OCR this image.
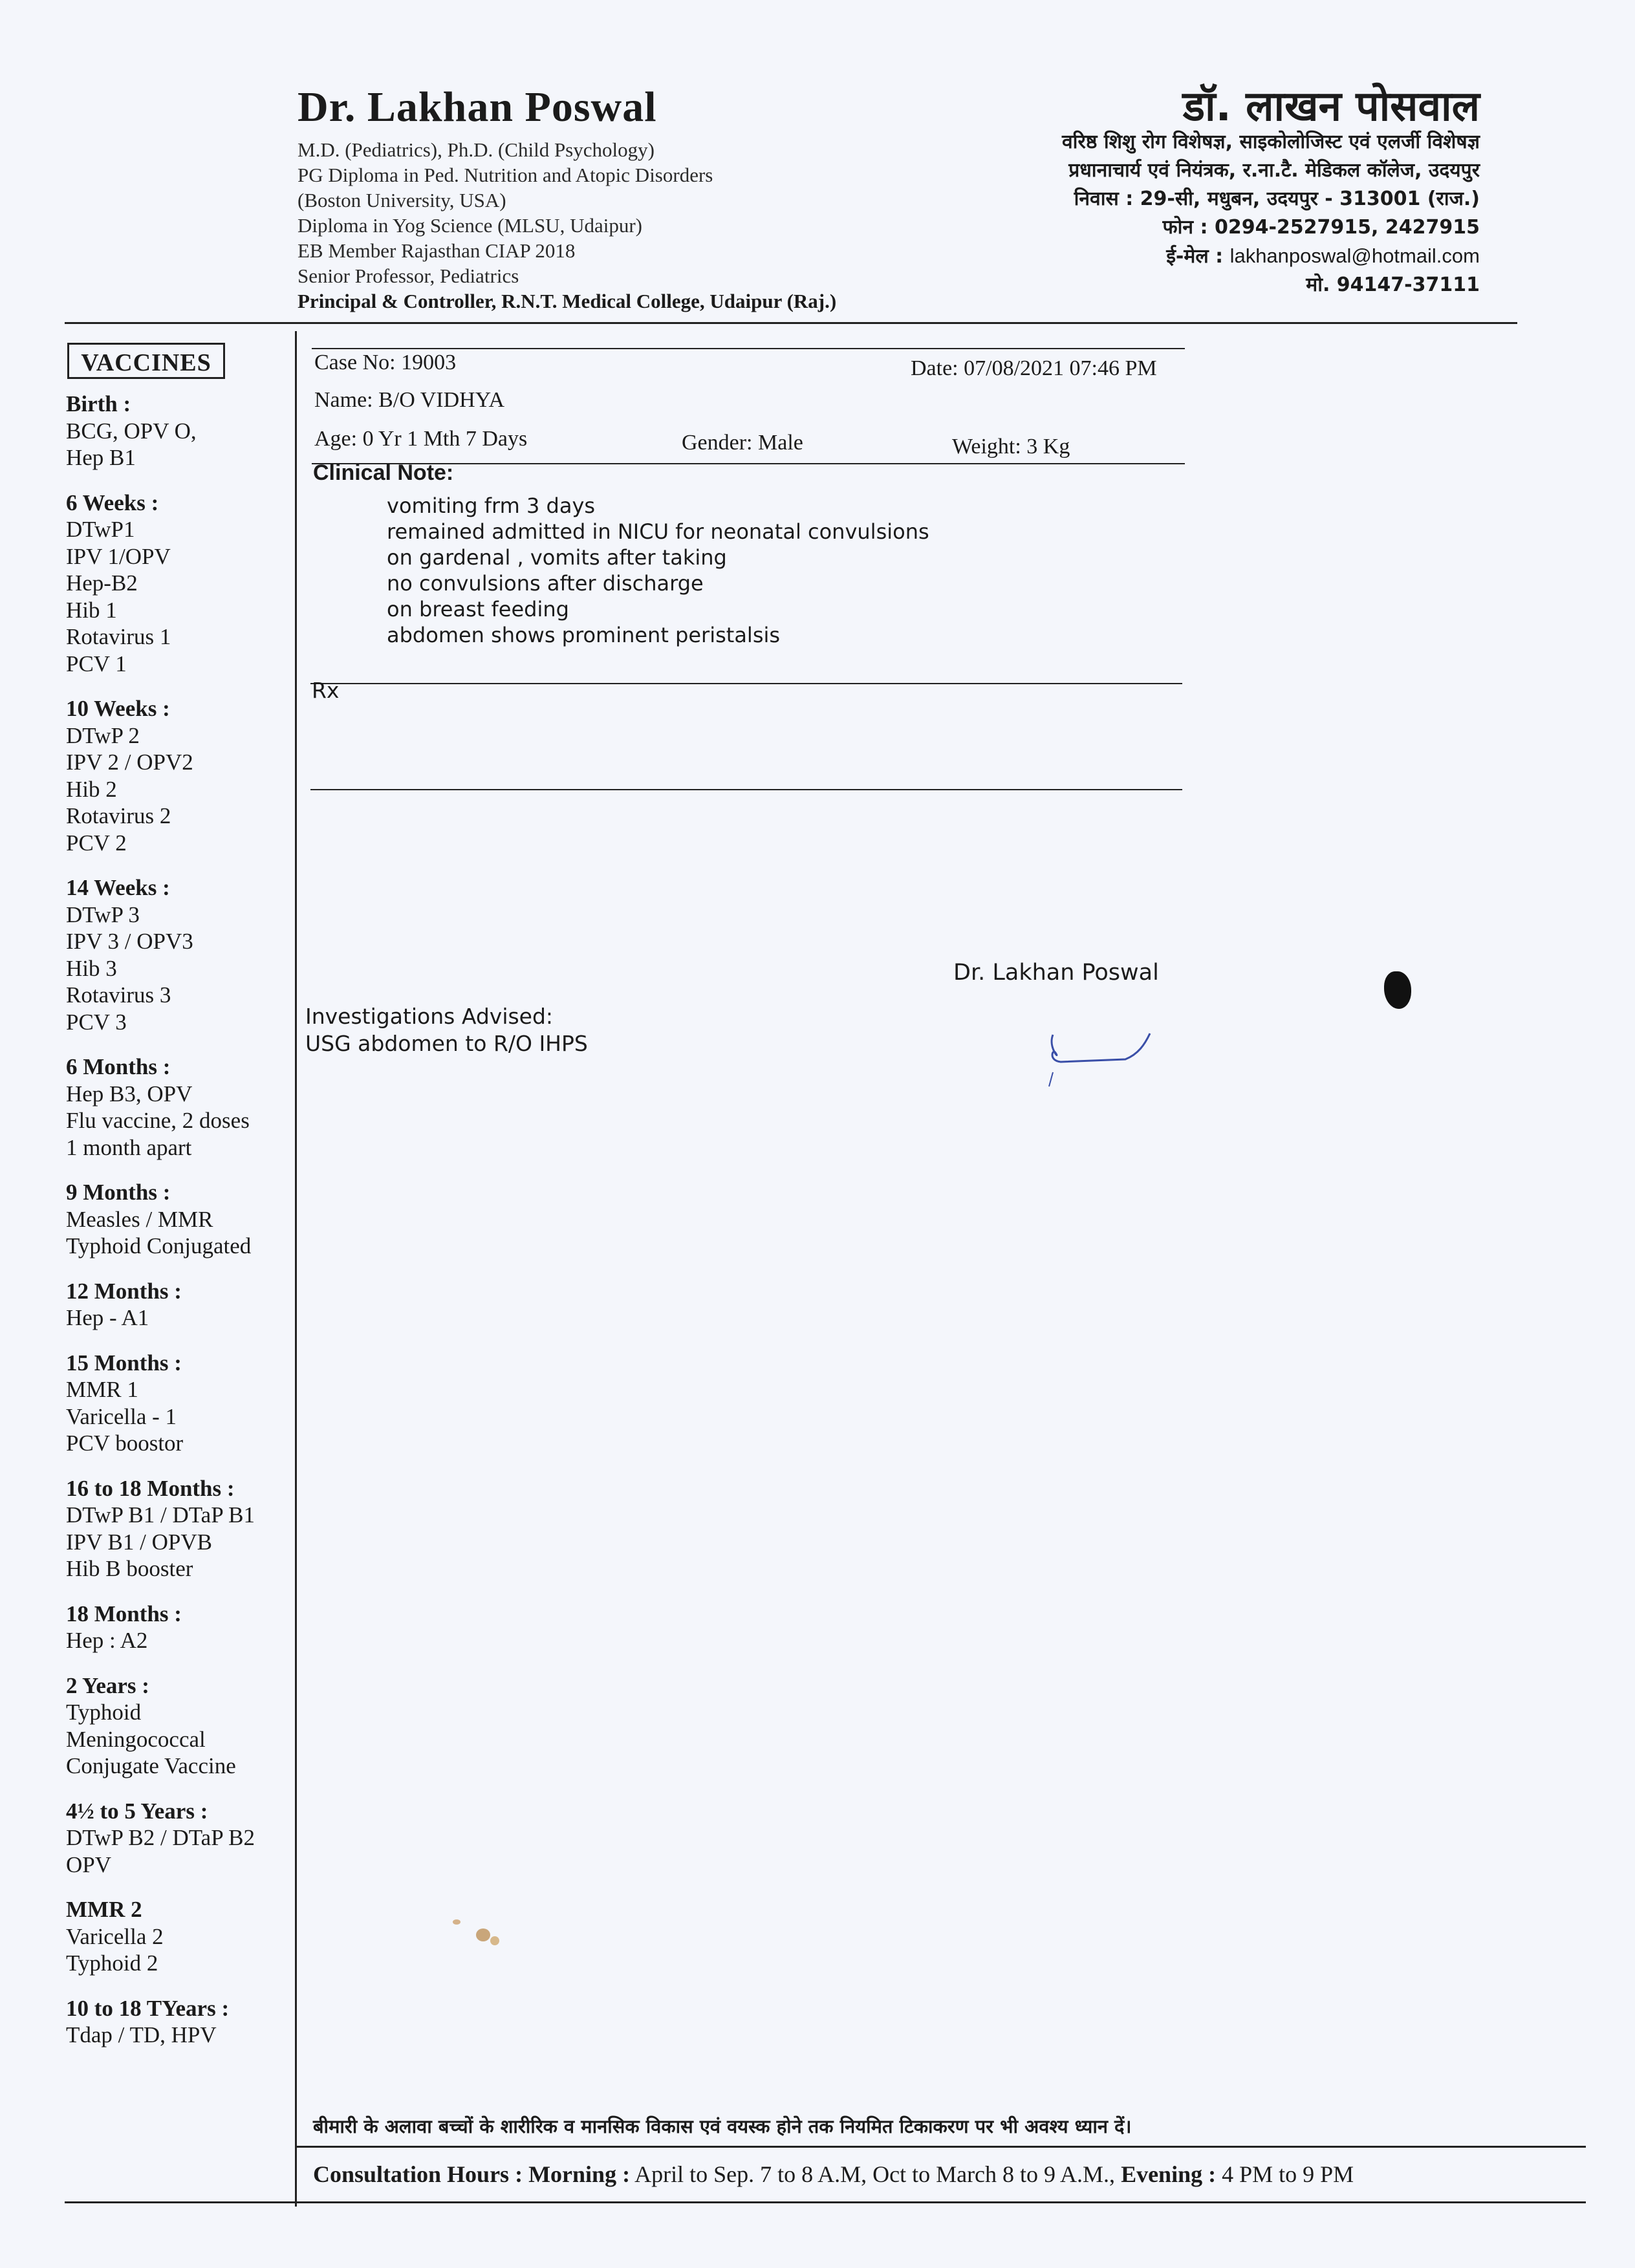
Dr. Lakhan Poswal
M.D. (Pediatrics), Ph.D. (Child Psychology)
PG Diploma in Ped. Nutrition and Atopic Disorders
(Boston University, USA)
Diploma in Yog Science (MLSU, Udaipur)
EB Member Rajasthan CIAP 2018
Senior Professor, Pediatrics
Principal & Controller, R.N.T. Medical College, Udaipur (Raj.)
डॉ. लाखन पोसवाल
वरिष्ठ शिशु रोग विशेषज्ञ, साइकोलोजिस्ट एवं एलर्जी विशेषज्ञ
प्रधानाचार्य एवं नियंत्रक, र.ना.टै. मेडिकल कॉलेज, उदयपुर
निवास : 29-सी, मधुबन, उदयपुर - 313001 (राज.)
फोन : 0294-2527915, 2427915
ई-मेल : lakhanposwal@hotmail.com
मो. 94147-37111
VACCINES
Birth :
BCG, OPV O,
Hep B1
6 Weeks :
DTwP1
IPV 1/OPV
Hep-B2
Hib 1
Rotavirus 1
PCV 1
10 Weeks :
DTwP 2
IPV 2 / OPV2
Hib 2
Rotavirus 2
PCV 2
14 Weeks :
DTwP 3
IPV 3 / OPV3
Hib 3
Rotavirus 3
PCV 3
6 Months :
Hep B3, OPV
Flu vaccine, 2 doses
1 month apart
9 Months :
Measles / MMR
Typhoid Conjugated
12 Months :
Hep - A1
15 Months :
MMR 1
Varicella - 1
PCV boostor
16 to 18 Months :
DTwP B1 / DTaP B1
IPV B1 / OPVB
Hib B booster
18 Months :
Hep : A2
2 Years :
Typhoid
Meningococcal
Conjugate Vaccine
4½ to 5 Years :
DTwP B2 / DTaP B2
OPV
MMR 2
Varicella 2
Typhoid 2
10 to 18 TYears :
Tdap / TD, HPV
Case No: 19003	Date: 07/08/2021 07:46 PM
Name: B/O VIDHYA
Age: 0 Yr 1 Mth 7 Days	Gender: Male	Weight: 3 Kg
Clinical Note:
vomiting frm 3 days
remained admitted in NICU for neonatal convulsions
on gardenal , vomits after taking
no convulsions after discharge
on breast feeding
abdomen shows prominent peristalsis
Rx
Dr. Lakhan Poswal
Investigations Advised:
USG abdomen to R/O IHPS
बीमारी के अलावा बच्चों के शारीरिक व मानसिक विकास एवं वयस्क होने तक नियमित टिकाकरण पर भी अवश्य ध्यान दें।
Consultation Hours : Morning : April to Sep. 7 to 8 A.M, Oct to March 8 to 9 A.M., Evening : 4 PM to 9 PM
